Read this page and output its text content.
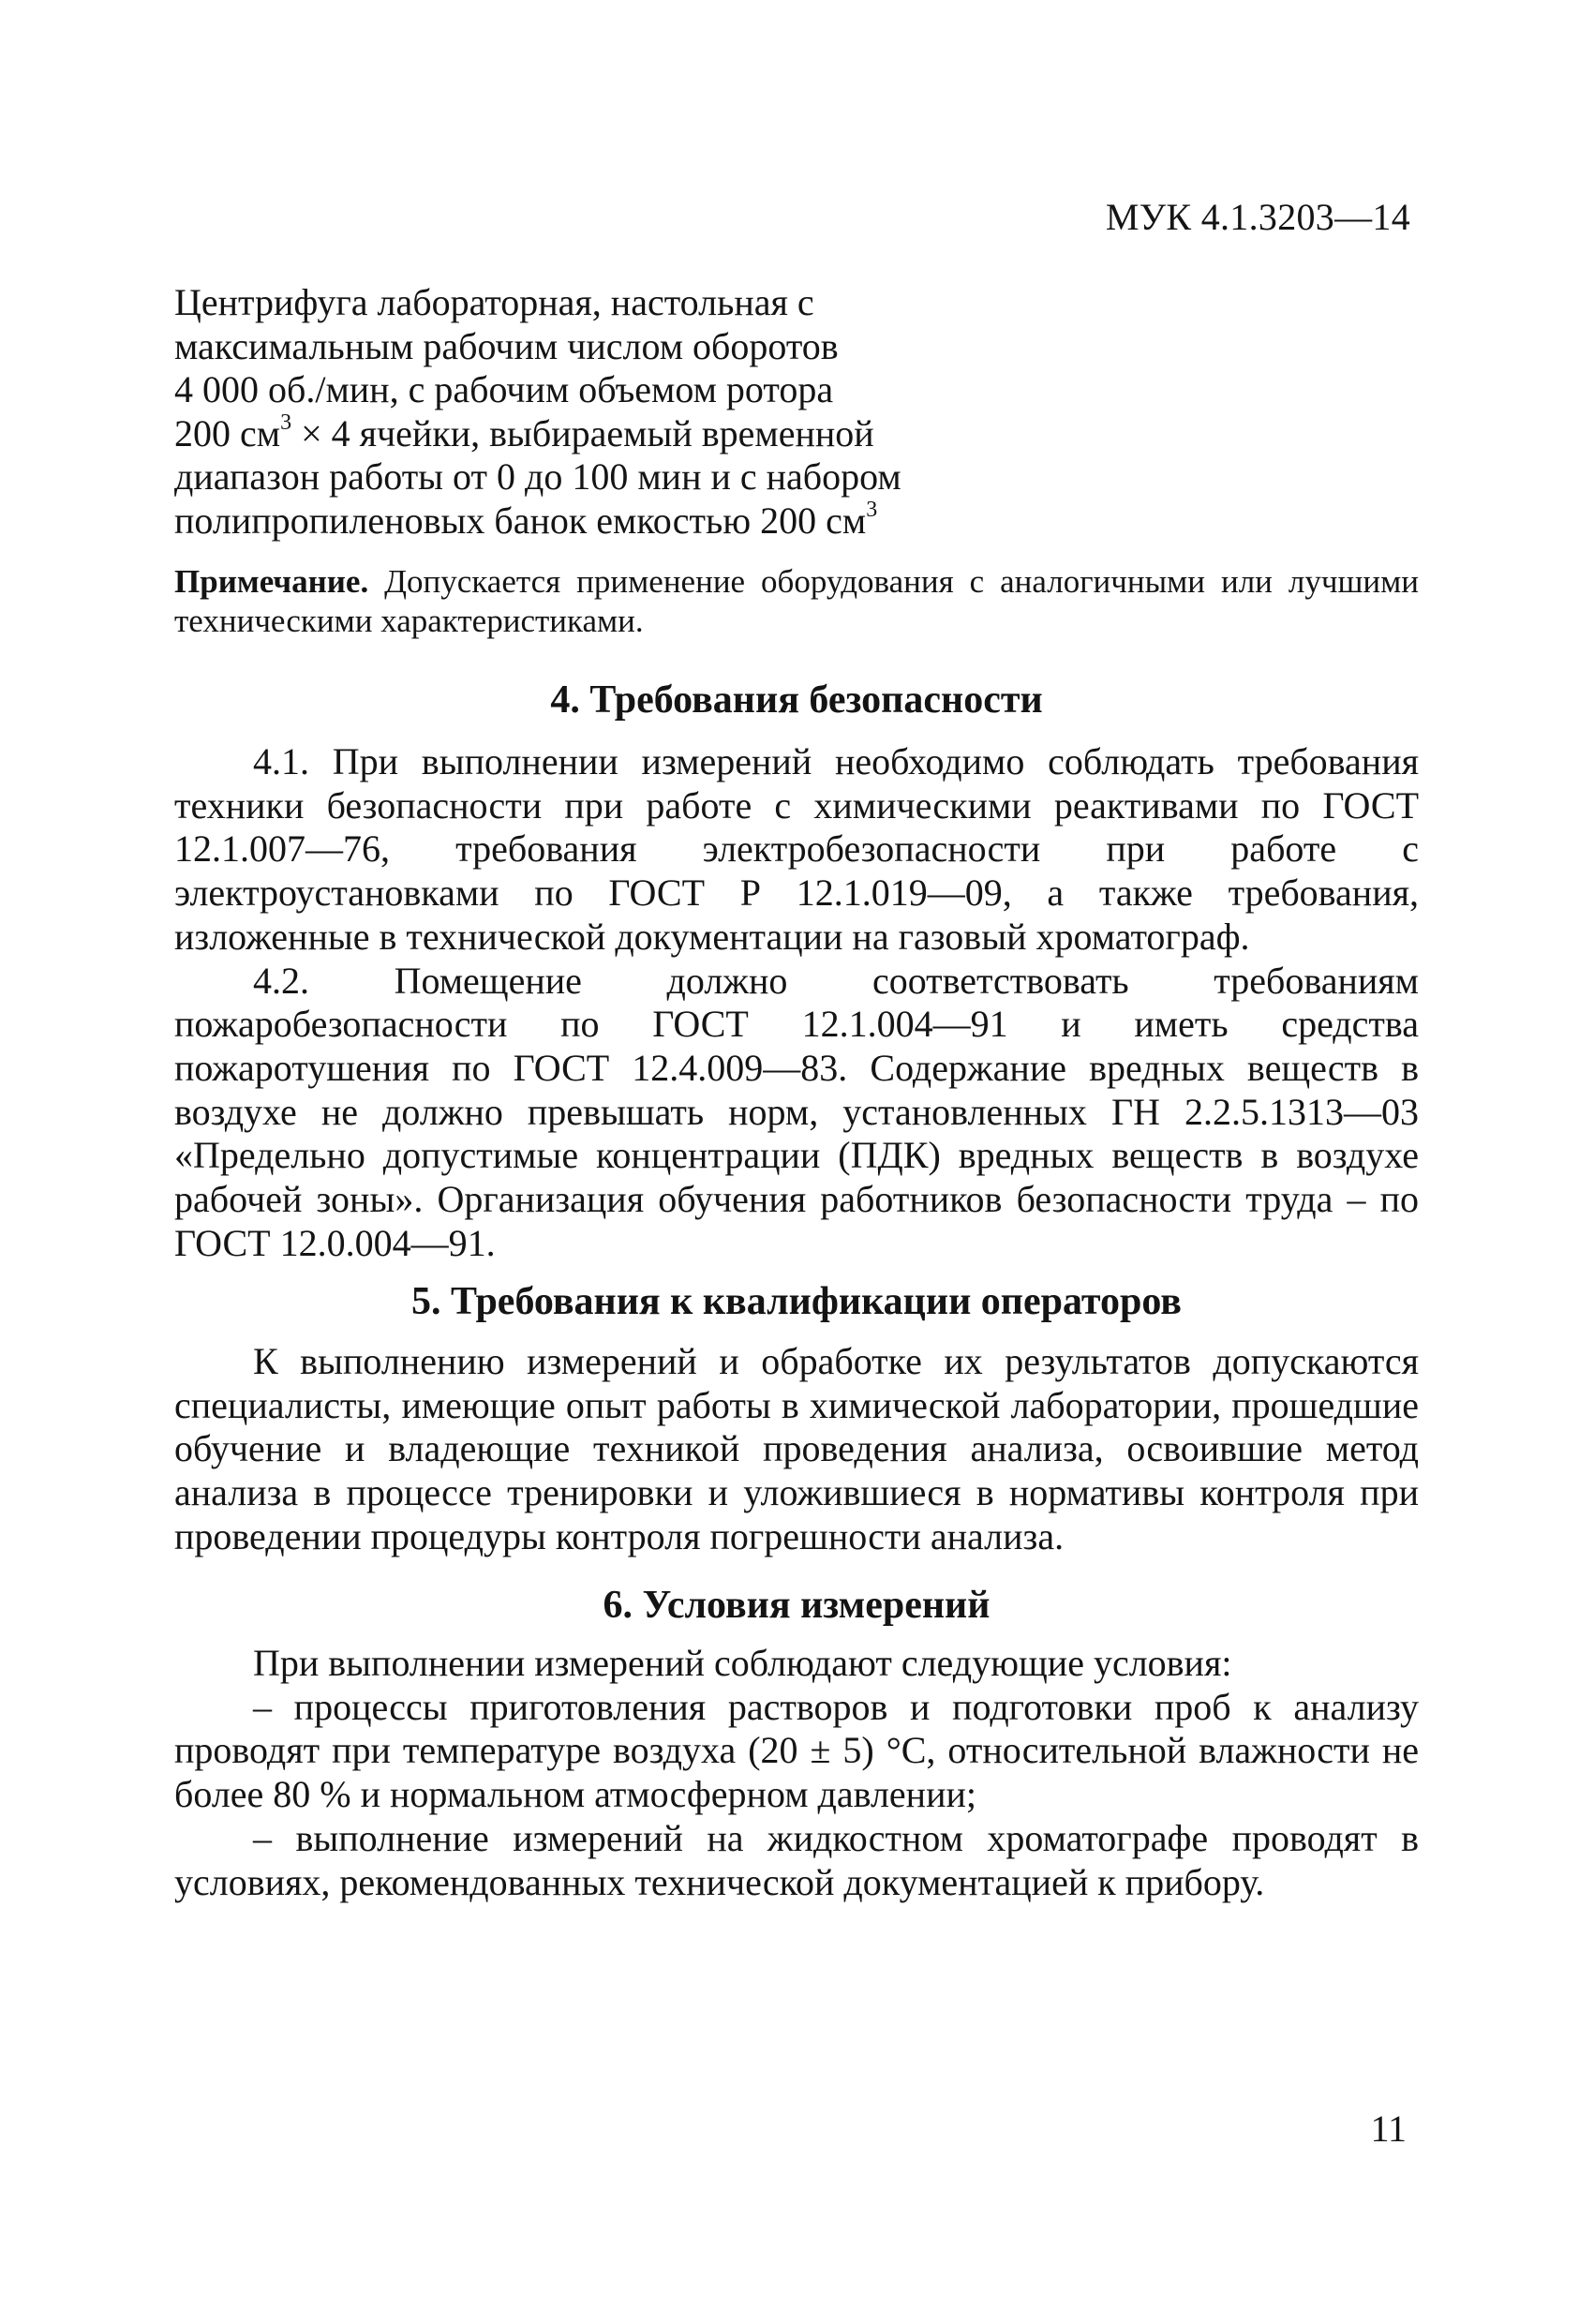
МУК 4.1.3203—14

Центрифуга лабораторная, настольная с

максимальным рабочим числом оборотов

4 000 об./мин, с рабочим объемом ротора

200 $см^3 \times 4$ ячейки, выбираемый временной

диапазон работы от 0 до 100 мин и с набором

полипропиленовых банок емкостью 200 $см^3$

Примечание. Допускается применение оборудования с аналогичными или лучшими техническими характеристиками.
4. Требования безопасности

4.1. При выполнении измерений необходимо соблюдать требования техники безопасности при работе с химическими реактивами по ГОСТ 12.1.007—76, требования электробезопасности при работе с электроустановками по ГОСТ Р 12.1.019—09, а также требования, изложенные в технической документации на газовый хроматограф.

4.2. Помещение должно соответствовать требованиям пожаробезопасности по ГОСТ 12.1.004—91 и иметь средства пожаротушения по ГОСТ 12.4.009—83. Содержание вредных веществ в воздухе не должно превышать норм, установленных ГН 2.2.5.1313—03 «Предельно допустимые концентрации (ПДК) вредных веществ в воздухе рабочей зоны». Организация обучения работников безопасности труда – по ГОСТ 12.0.004—91.

5. Требования к квалификации операторов

К выполнению измерений и обработке их результатов допускаются специалисты, имеющие опыт работы в химической лаборатории, прошедшие обучение и владеющие техникой проведения анализа, освоившие метод анализа в процессе тренировки и уложившиеся в нормативы контроля при проведении процедуры контроля погрешности анализа.

6. Условия измерений

При выполнении измерений соблюдают следующие условия:

– процессы приготовления растворов и подготовки проб к анализу проводят при температуре воздуха (20 ± 5) °С, относительной влажности не более 80 % и нормальном атмосферном давлении;

– выполнение измерений на жидкостном хроматографе проводят в условиях, рекомендованных технической документацией к прибору.

11
